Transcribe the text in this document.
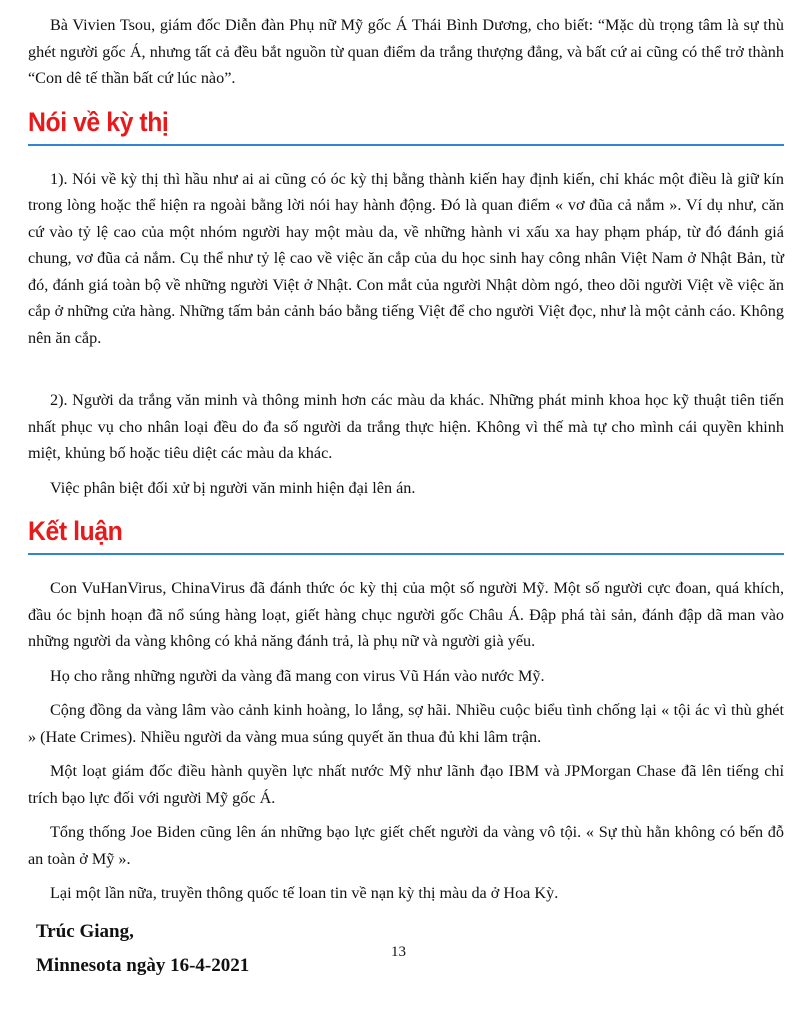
Bà Vivien Tsou, giám đốc Diễn đàn Phụ nữ Mỹ gốc Á Thái Bình Dương, cho biết: “Mặc dù trọng tâm là sự thù ghét người gốc Á, nhưng tất cả đều bắt nguồn từ quan điểm da trắng thượng đẳng, và bất cứ ai cũng có thể trở thành “Con dê tế thần bất cứ lúc nào”.

Nói về kỳ thị

1). Nói về kỳ thị thì hầu như ai ai cũng có óc kỳ thị bằng thành kiến hay định kiến, chỉ khác một điều là giữ kín trong lòng hoặc thể hiện ra ngoài bằng lời nói hay hành động. Đó là quan điểm « vơ đũa cả nắm ». Ví dụ như, căn cứ vào tỷ lệ cao của một nhóm người hay một màu da, về những hành vi xấu xa hay phạm pháp, từ đó đánh giá chung, vơ đũa cả nắm. Cụ thể như tỷ lệ cao về việc ăn cắp của du học sinh hay công nhân Việt Nam ở Nhật Bản, từ đó, đánh giá toàn bộ về những người Việt ở Nhật. Con mắt của người Nhật dòm ngó, theo dõi người Việt về việc ăn cắp ở những cửa hàng. Những tấm bản cảnh báo bằng tiếng Việt để cho người Việt đọc, như là một cảnh cáo. Không nên ăn cắp.

2). Người da trắng văn minh và thông minh hơn các màu da khác. Những phát minh khoa học kỹ thuật tiên tiến nhất phục vụ cho nhân loại đều do đa số người da trắng thực hiện. Không vì thế mà tự cho mình cái quyền khinh miệt, khủng bố hoặc tiêu diệt các màu da khác.

Việc phân biệt đối xử bị người văn minh hiện đại lên án.

Kết luận

Con VuHanVirus, ChinaVirus đã đánh thức óc kỳ thị của một số người Mỹ. Một số người cực đoan, quá khích, đầu óc bịnh hoạn đã nổ súng hàng loạt, giết hàng chục người gốc Châu Á. Đập phá tài sản, đánh đập dã man vào những người da vàng không có khả năng đánh trả, là phụ nữ và người già yếu.

Họ cho rằng những người da vàng đã mang con virus Vũ Hán vào nước Mỹ.

Cộng đồng da vàng lâm vào cảnh kinh hoàng, lo lắng, sợ hãi. Nhiều cuộc biểu tình chống lại « tội ác vì thù ghét » (Hate Crimes). Nhiều người da vàng mua súng quyết ăn thua đủ khi lâm trận.

Một loạt giám đốc điều hành quyền lực nhất nước Mỹ như lãnh đạo IBM và JPMorgan Chase đã lên tiếng chỉ trích bạo lực đối với người Mỹ gốc Á.

Tổng thống Joe Biden cũng lên án những bạo lực giết chết người da vàng vô tội. « Sự thù hằn không có bến đỗ an toàn ở Mỹ ».

Lại một lần nữa, truyền thông quốc tế loan tin về nạn kỳ thị màu da ở Hoa Kỳ.

Trúc Giang,

Minnesota ngày 16-4-2021

13
